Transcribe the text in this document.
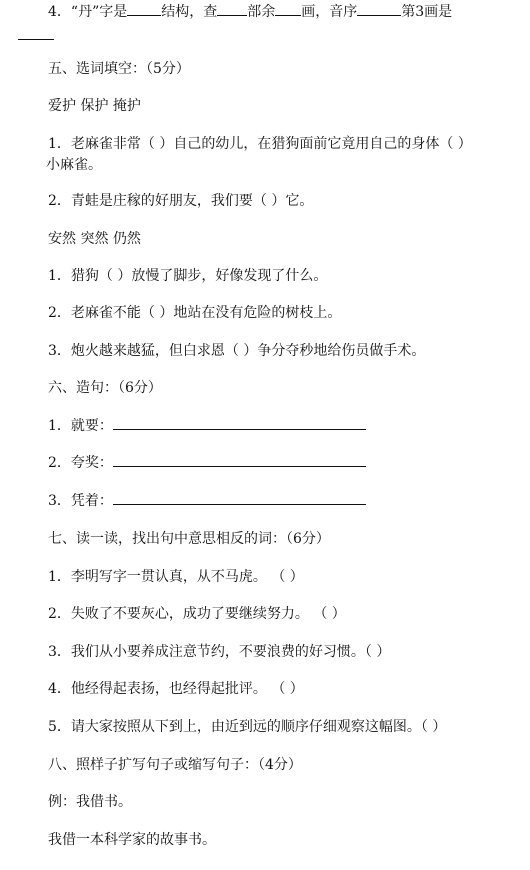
4．“丹”字是 结构，查 部余 画，音序	第3画是
五、选词填空：（5分）
爱护 保护 掩护
1．老麻雀非常（ ）自己的幼儿，在猎狗面前它竟用自己的身体（ ）
小麻雀。
2．青蛙是庄稼的好朋友，我们要（ ）它。
安然 突然 仍然
1．猎狗（ ）放慢了脚步，好像发现了什么。
2．老麻雀不能（ ）地站在没有危险的树枝上。
3．炮火越来越猛，但白求恩（ ）争分夺秒地给伤员做手术。
六、造句：（6分）
1．就要：
2．夸奖：
3．凭着：
七、读一读，找出句中意思相反的词：（6分）
1．李明写字一贯认真，从不马虎。 （ ）
2．失败了不要灰心，成功了要继续努力。 （ ）
3．我们从小要养成注意节约，不要浪费的好习惯。（ ）
4．他经得起表扬，也经得起批评。 （ ）
5．请大家按照从下到上，由近到远的顺序仔细观察这幅图。（ ）
八、照样子扩写句子或缩写句子：（4分）
例：我借书。
我借一本科学家的故事书。
